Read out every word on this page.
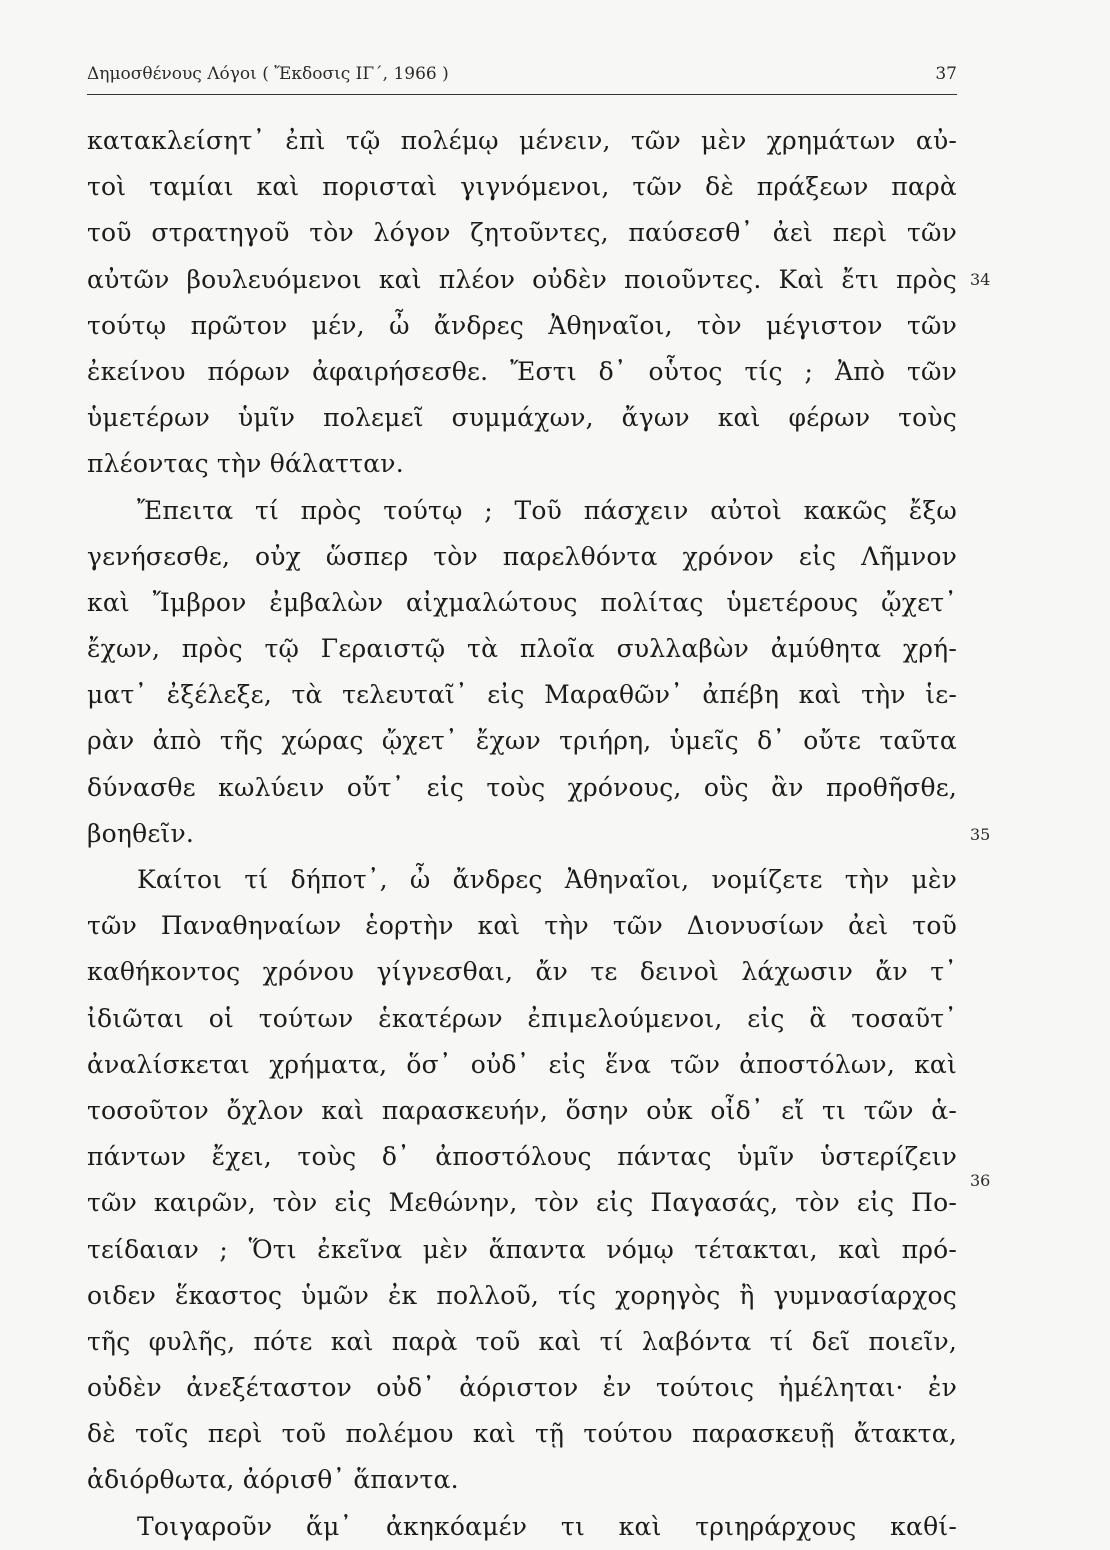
Δημοσθένους Λόγοι ( Ἔκδοσις ΙΓ΄, 1966 )	37
κατακλείσητ᾽ ἐπὶ τῷ πολέμῳ μένειν, τῶν μὲν χρημάτων αὐ-
τοὶ ταμίαι καὶ πορισταὶ γιγνόμενοι, τῶν δὲ πράξεων παρὰ
τοῦ στρατηγοῦ τὸν λόγον ζητοῦντες, παύσεσθ᾽ ἀεὶ περὶ τῶν
αὐτῶν βουλευόμενοι καὶ πλέον οὐδὲν ποιοῦντες. Καὶ ἔτι πρὸς
τούτῳ πρῶτον μέν, ὦ ἄνδρες Ἀθηναῖοι, τὸν μέγιστον τῶν
ἐκείνου πόρων ἀφαιρήσεσθε. Ἔστι δ᾽ οὗτος τίς ; Ἀπὸ τῶν
ὑμετέρων ὑμῖν πολεμεῖ συμμάχων, ἄγων καὶ φέρων τοὺς
πλέοντας τὴν θάλατταν.
Ἔπειτα τί πρὸς τούτῳ ; Τοῦ πάσχειν αὐτοὶ κακῶς ἔξω
γενήσεσθε, οὐχ ὥσπερ τὸν παρελθόντα χρόνον εἰς Λῆμνον
καὶ Ἴμβρον ἐμβαλὼν αἰχμαλώτους πολίτας ὑμετέρους ᾤχετ᾽
ἔχων, πρὸς τῷ Γεραιστῷ τὰ πλοῖα συλλαβὼν ἀμύθητα χρή-
ματ᾽ ἐξέλεξε, τὰ τελευταῖ᾽ εἰς Μαραθῶν᾽ ἀπέβη καὶ τὴν ἱε-
ρὰν ἀπὸ τῆς χώρας ᾤχετ᾽ ἔχων τριήρη, ὑμεῖς δ᾽ οὔτε ταῦτα
δύνασθε κωλύειν οὔτ᾽ εἰς τοὺς χρόνους, οὓς ἂν προθῆσθε,
βοηθεῖν.
Καίτοι τί δήποτ᾽, ὦ ἄνδρες Ἀθηναῖοι, νομίζετε τὴν μὲν
τῶν Παναθηναίων ἑορτὴν καὶ τὴν τῶν Διονυσίων ἀεὶ τοῦ
καθήκοντος χρόνου γίγνεσθαι, ἄν τε δεινοὶ λάχωσιν ἄν τ᾽
ἰδιῶται οἱ τούτων ἑκατέρων ἐπιμελούμενοι, εἰς ἃ τοσαῦτ᾽
ἀναλίσκεται χρήματα, ὅσ᾽ οὐδ᾽ εἰς ἕνα τῶν ἀποστόλων, καὶ
τοσοῦτον ὄχλον καὶ παρασκευήν, ὅσην οὐκ οἶδ᾽ εἴ τι τῶν ἁ-
πάντων ἔχει, τοὺς δ᾽ ἀποστόλους πάντας ὑμῖν ὑστερίζειν
τῶν καιρῶν, τὸν εἰς Μεθώνην, τὸν εἰς Παγασάς, τὸν εἰς Πο-
τείδαιαν ; Ὅτι ἐκεῖνα μὲν ἅπαντα νόμῳ τέτακται, καὶ πρό-
οιδεν ἕκαστος ὑμῶν ἐκ πολλοῦ, τίς χορηγὸς ἢ γυμνασίαρχος
τῆς φυλῆς, πότε καὶ παρὰ τοῦ καὶ τί λαβόντα τί δεῖ ποιεῖν,
οὐδὲν ἀνεξέταστον οὐδ᾽ ἀόριστον ἐν τούτοις ἠμέληται· ἐν
δὲ τοῖς περὶ τοῦ πολέμου καὶ τῇ τούτου παρασκευῇ ἄτακτα,
ἀδιόρθωτα, ἀόρισθ᾽ ἅπαντα.
Τοιγαροῦν ἅμ᾽ ἀκηκόαμέν τι καὶ τριηράρχους καθί-
34
35
36
